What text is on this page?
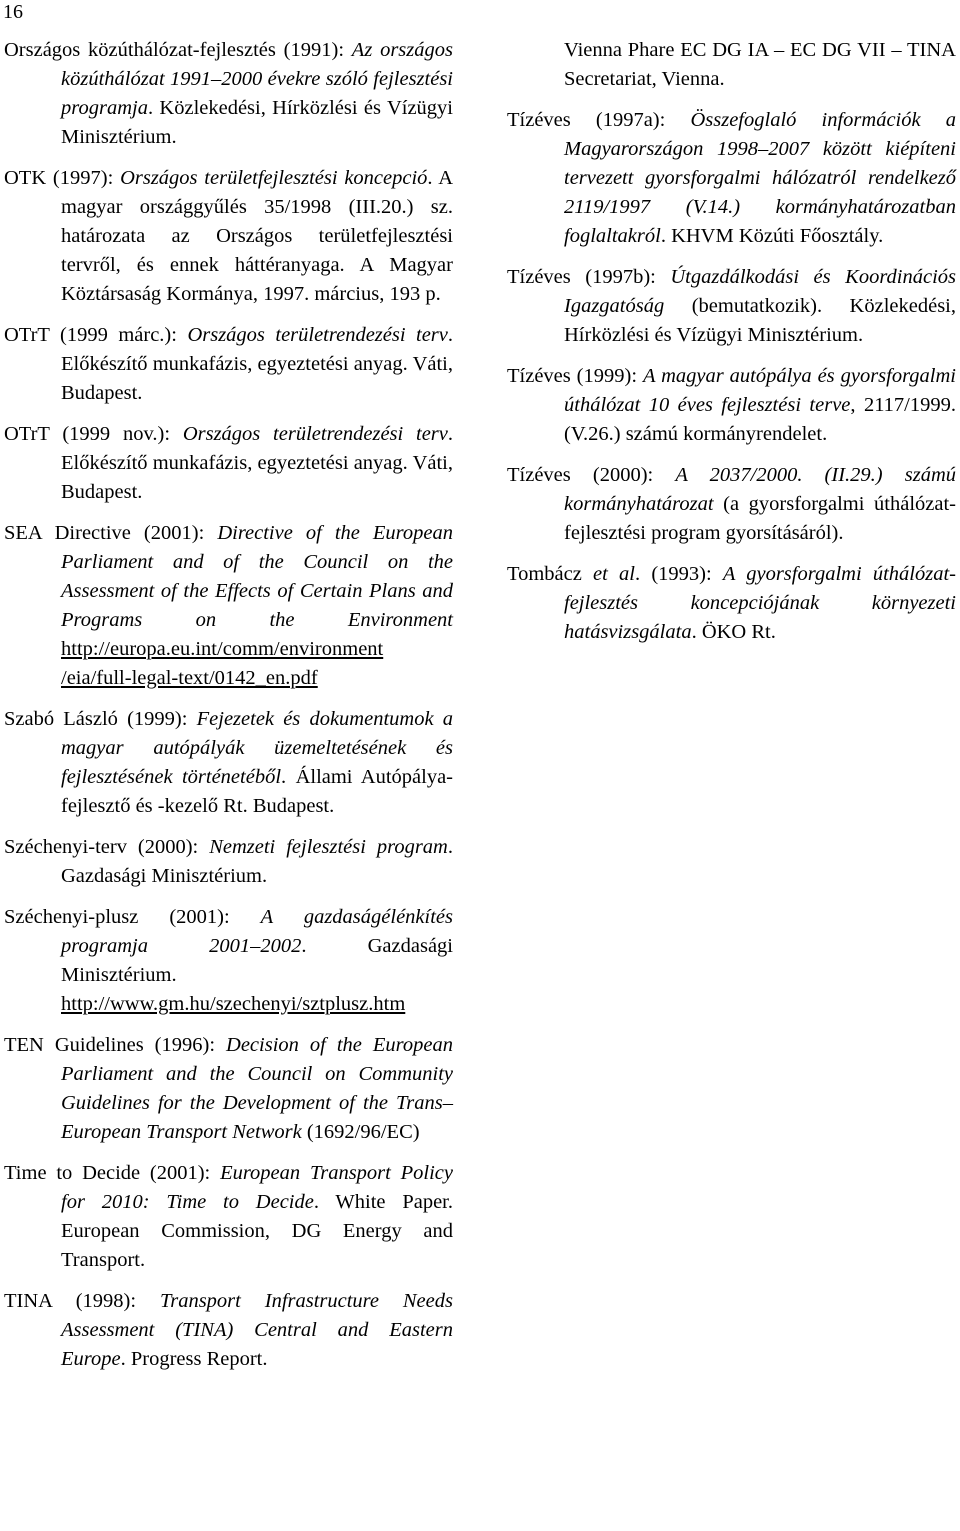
16

Országos közúthálózat-fejlesztés (1991): Az országos közúthálózat 1991–2000 évekre szóló fejlesztési programja. Közlekedési, Hírközlési és Vízügyi Minisztérium.

OTK (1997): Országos területfejlesztési koncepció. A magyar országgyűlés 35/1998 (III.20.) sz. határozata az Országos területfejlesztési tervről, és ennek háttéranyaga. A Magyar Köztársaság Kormánya, 1997. március, 193 p.

OTrT (1999 márc.): Országos területrendezési terv. Előkészítő munkafázis, egyeztetési anyag. Váti, Budapest.

OTrT (1999 nov.): Országos területrendezési terv. Előkészítő munkafázis, egyeztetési anyag. Váti, Budapest.

SEA Directive (2001): Directive of the European Parliament and of the Council on the Assessment of the Effects of Certain Plans and Programs on the Environment http://europa.eu.int/comm/environment /eia/full-legal-text/0142_en.pdf

Szabó László (1999): Fejezetek és dokumentumok a magyar autópályák üzemeltetésének és fejlesztésének történetéből. Állami Autópálya-fejlesztő és -kezelő Rt. Budapest.

Széchenyi-terv (2000): Nemzeti fejlesztési program. Gazdasági Minisztérium.

Széchenyi-plusz (2001): A gazdaságélénkítés programja 2001–2002. Gazdasági Minisztérium. http://www.gm.hu/szechenyi/sztplusz.htm

TEN Guidelines (1996): Decision of the European Parliament and the Council on Community Guidelines for the Development of the Trans–European Transport Network (1692/96/EC)

Time to Decide (2001): European Transport Policy for 2010: Time to Decide. White Paper. European Commission, DG Energy and Transport.

TINA (1998): Transport Infrastructure Needs Assessment (TINA) Central and Eastern Europe. Progress Report.

Vienna Phare EC DG IA – EC DG VII – TINA Secretariat, Vienna.

Tízéves (1997a): Összefoglaló információk a Magyarországon 1998–2007 között kiépíteni tervezett gyorsforgalmi hálózatról rendelkező 2119/1997 (V.14.) kormányhatározatban foglaltakról. KHVM Közúti Főosztály.

Tízéves (1997b): Útgazdálkodási és Koordinációs Igazgatóság (bemutatkozik). Közlekedési, Hírközlési és Vízügyi Minisztérium.

Tízéves (1999): A magyar autópálya és gyorsforgalmi úthálózat 10 éves fejlesztési terve, 2117/1999. (V.26.) számú kormányrendelet.

Tízéves (2000): A 2037/2000. (II.29.) számú kormányhatározat (a gyorsforgalmi úthálózat-fejlesztési program gyorsításáról).

Tombácz et al. (1993): A gyorsforgalmi úthálózat-fejlesztés koncepciójának környezeti hatásvizsgálata. ÖKO Rt.
